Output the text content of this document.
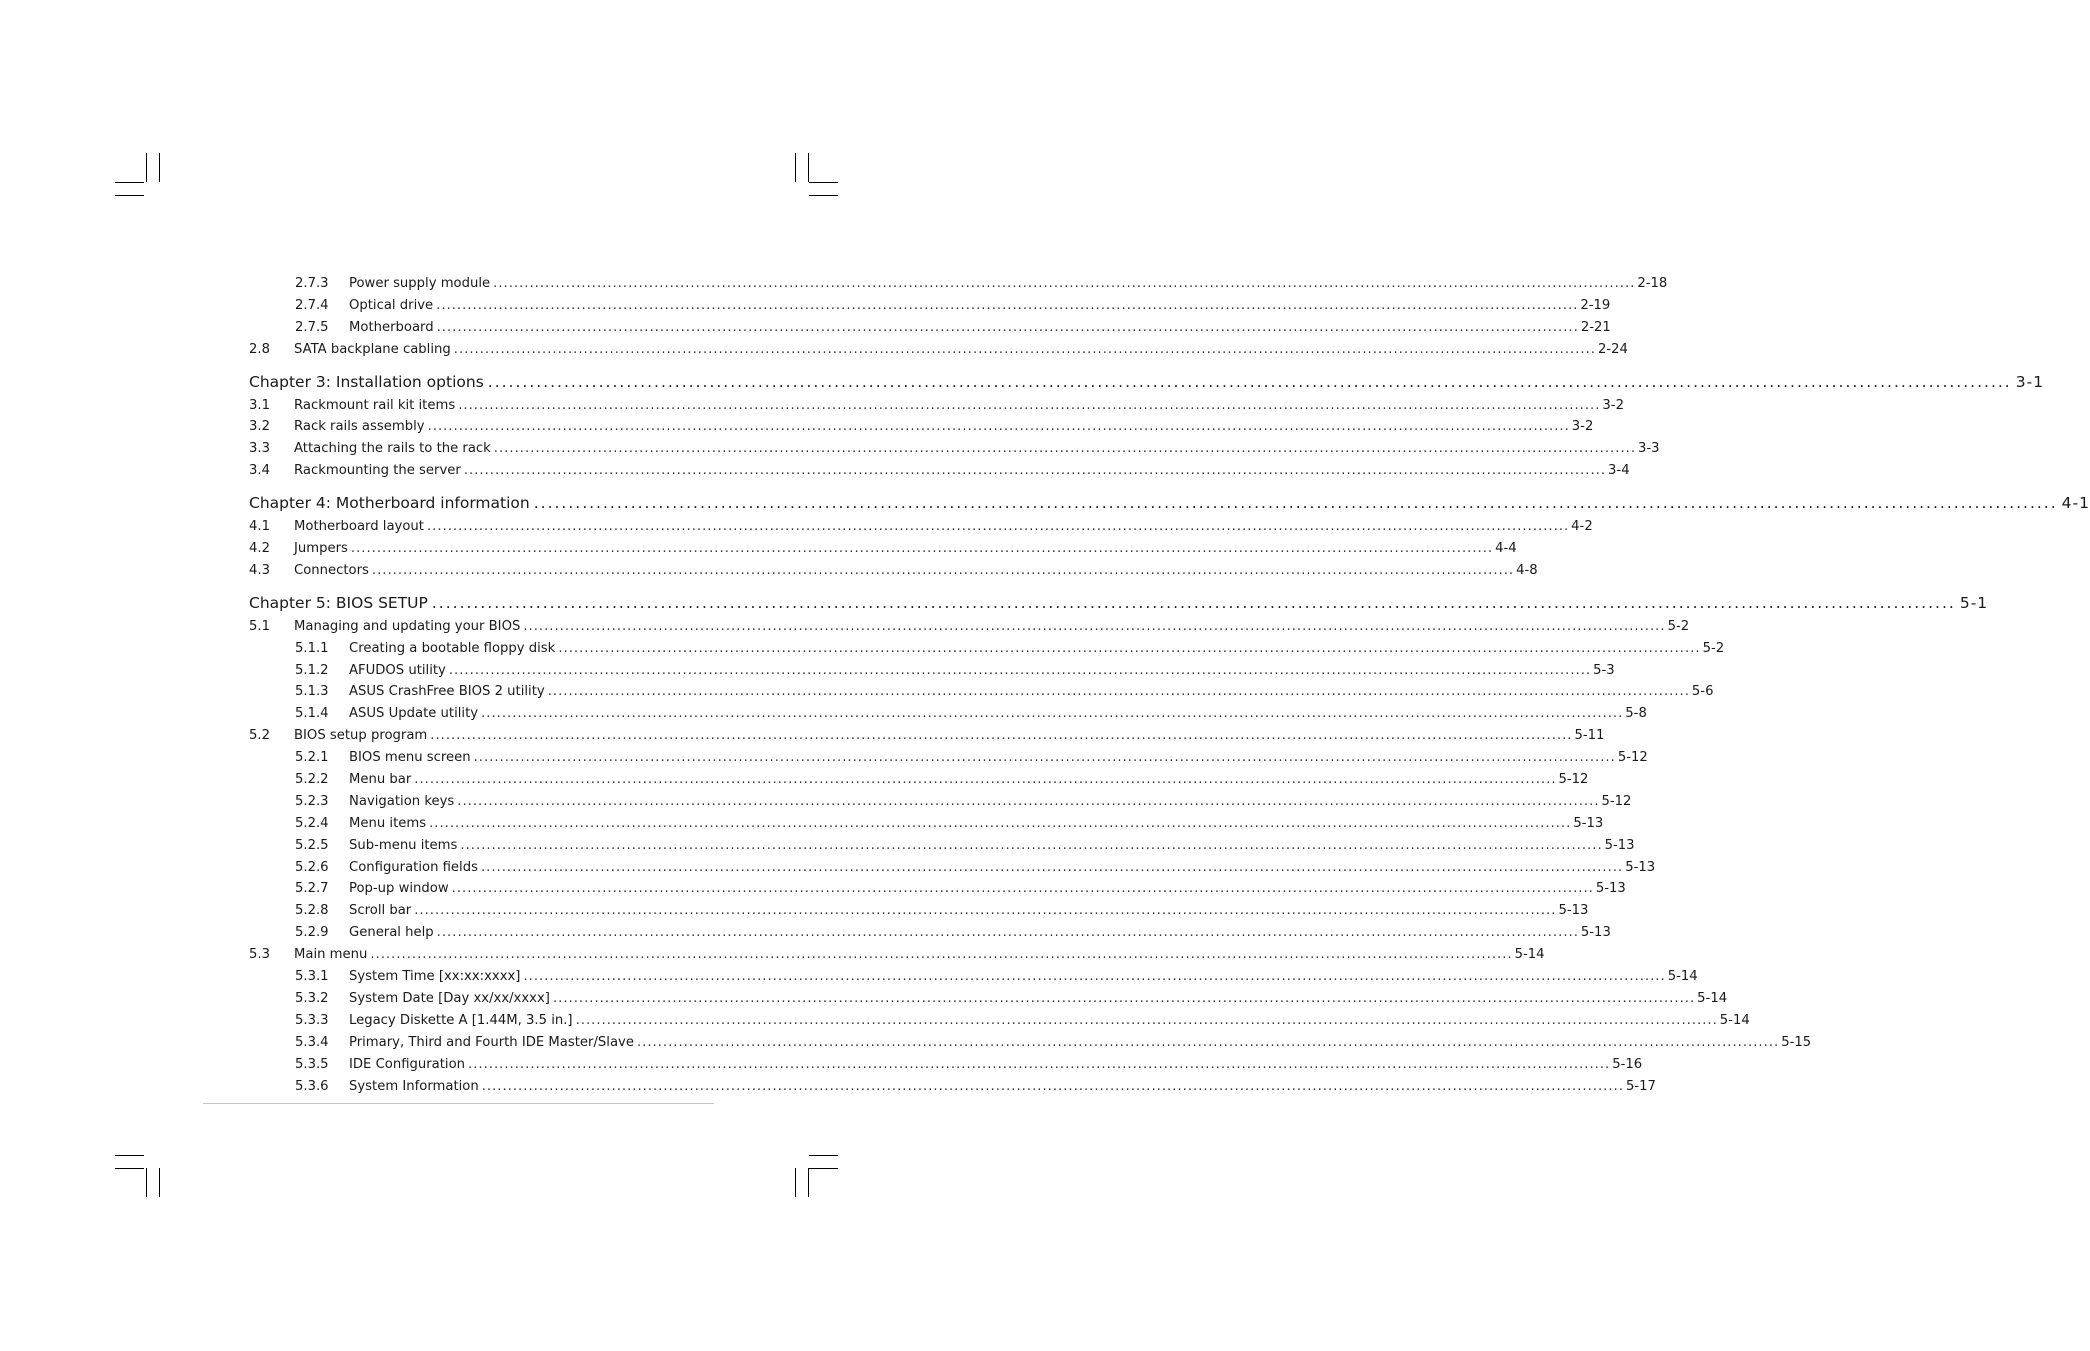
2.7.3	Power supply module ............................................................................................................................................................................................................................ 2-18
2.7.4	Optical drive ............................................................................................................................................................................................................................ 2-19
2.7.5	Motherboard ............................................................................................................................................................................................................................ 2-21
2.8	SATA backplane cabling ............................................................................................................................................................................................................................ 2-24
Chapter 3: Installation options ............................................................................................................................................................................................................................ 3-1
3.1	Rackmount rail kit items ............................................................................................................................................................................................................................ 3-2
3.2	Rack rails assembly ............................................................................................................................................................................................................................ 3-2
3.3	Attaching the rails to the rack ............................................................................................................................................................................................................................ 3-3
3.4	Rackmounting the server ............................................................................................................................................................................................................................ 3-4
Chapter 4: Motherboard information ............................................................................................................................................................................................................................ 4-1
4.1	Motherboard layout ............................................................................................................................................................................................................................ 4-2
4.2	Jumpers ............................................................................................................................................................................................................................ 4-4
4.3	Connectors ............................................................................................................................................................................................................................ 4-8
Chapter 5: BIOS SETUP ............................................................................................................................................................................................................................ 5-1
5.1	Managing and updating your BIOS ............................................................................................................................................................................................................................ 5-2
5.1.1	Creating a bootable floppy disk ............................................................................................................................................................................................................................ 5-2
5.1.2	AFUDOS utility ............................................................................................................................................................................................................................ 5-3
5.1.3	ASUS CrashFree BIOS 2 utility ............................................................................................................................................................................................................................ 5-6
5.1.4	ASUS Update utility ............................................................................................................................................................................................................................ 5-8
5.2	BIOS setup program ............................................................................................................................................................................................................................ 5-11
5.2.1	BIOS menu screen ............................................................................................................................................................................................................................ 5-12
5.2.2	Menu bar ............................................................................................................................................................................................................................ 5-12
5.2.3	Navigation keys ............................................................................................................................................................................................................................ 5-12
5.2.4	Menu items ............................................................................................................................................................................................................................ 5-13
5.2.5	Sub-menu items ............................................................................................................................................................................................................................ 5-13
5.2.6	Configuration fields ............................................................................................................................................................................................................................ 5-13
5.2.7	Pop-up window ............................................................................................................................................................................................................................ 5-13
5.2.8	Scroll bar ............................................................................................................................................................................................................................ 5-13
5.2.9	General help ............................................................................................................................................................................................................................ 5-13
5.3	Main menu ............................................................................................................................................................................................................................ 5-14
5.3.1	System Time [xx:xx:xxxx] ............................................................................................................................................................................................................................ 5-14
5.3.2	System Date [Day xx/xx/xxxx] ............................................................................................................................................................................................................................ 5-14
5.3.3	Legacy Diskette A [1.44M, 3.5 in.] ............................................................................................................................................................................................................................ 5-14
5.3.4	Primary, Third and Fourth IDE Master/Slave ............................................................................................................................................................................................................................ 5-15
5.3.5	IDE Configuration ............................................................................................................................................................................................................................ 5-16
5.3.6	System Information ............................................................................................................................................................................................................................ 5-17
